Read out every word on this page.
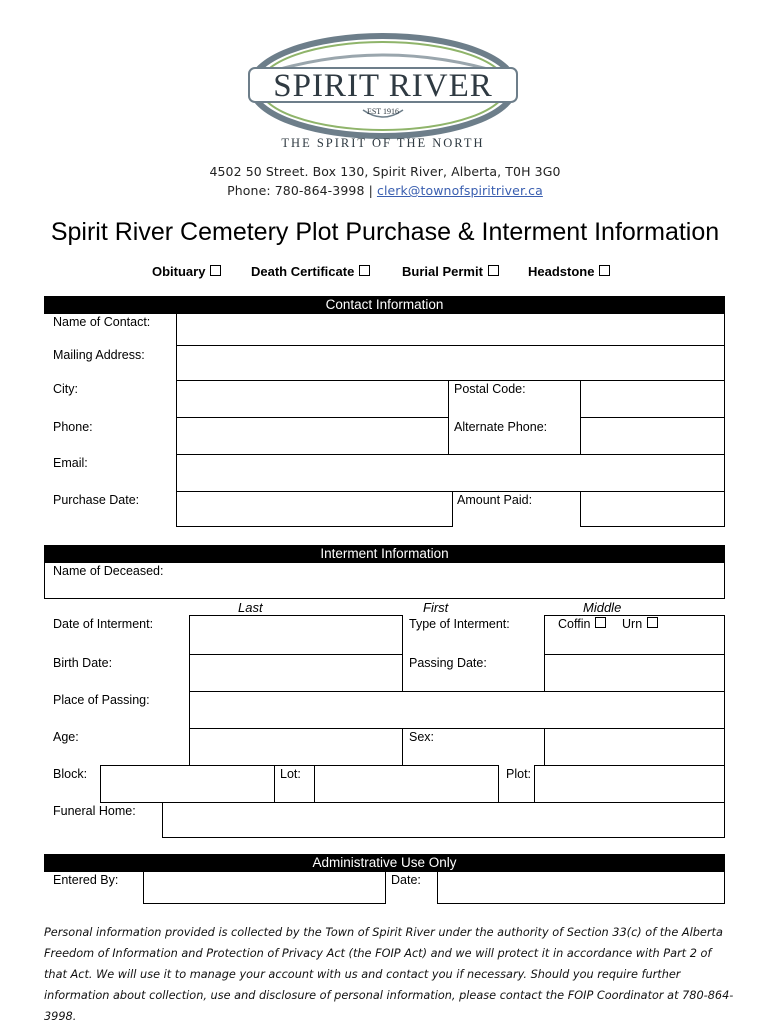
SPIRIT RIVER
EST 1916
THE SPIRIT OF THE NORTH
4502 50 Street. Box 130, Spirit River, Alberta, T0H 3G0
Phone: 780-864-3998 | clerk@townofspiritriver.ca
Spirit River Cemetery Plot Purchase & Interment Information
Obituary	Death Certificate	Burial Permit	Headstone
Contact Information
Name of Contact:
Mailing Address:
City:	Postal Code:
Phone:	Alternate Phone:
Email:
Purchase Date:	Amount Paid:
Interment Information
Name of Deceased:
Last	First	Middle
Date of Interment:	Type of Interment:	Coffin	Urn
Birth Date:	Passing Date:
Place of Passing:
Age:	Sex:
Block:	Lot:	Plot:
Funeral Home:
Administrative Use Only
Entered By:	Date:
Personal information provided is collected by the Town of Spirit River under the authority of Section 33(c) of the Alberta Freedom of Information and Protection of Privacy Act (the FOIP Act) and we will protect it in accordance with Part 2 of that Act. We will use it to manage your account with us and contact you if necessary. Should you require further information about collection, use and disclosure of personal information, please contact the FOIP Coordinator at 780-864-3998.
